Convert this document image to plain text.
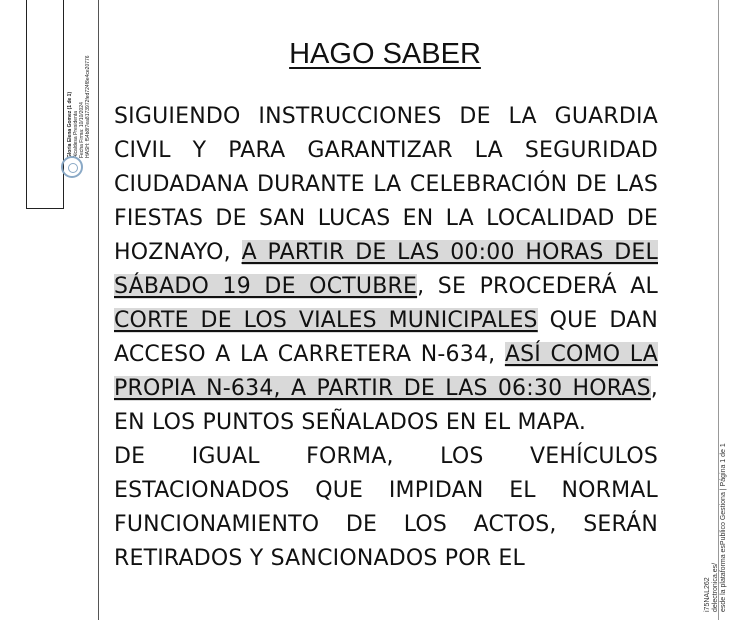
Gloria Elena Gomez (1 de 1) Alcaldesa Presidenta Fecha Firma: 10/10/2024 HASH: f54b8f7ea8173972fed724f8e4ce20776
i75NAL262 delectronica.es/ esde la plataforma esPublico Gestiona | Página 1 de 1
HAGO SABER

SIGUIENDO INSTRUCCIONES DE LA GUARDIA CIVIL Y PARA GARANTIZAR LA SEGURIDAD CIUDADANA DURANTE LA CELEBRACIÓN DE LAS FIESTAS DE SAN LUCAS EN LA LOCALIDAD DE HOZNAYO, A PARTIR DE LAS 00:00 HORAS DEL SÁBADO 19 DE OCTUBRE, SE PROCEDERÁ AL CORTE DE LOS VIALES MUNICIPALES QUE DAN ACCESO A LA CARRETERA N-634, ASÍ COMO LA PROPIA N-634, A PARTIR DE LAS 06:30 HORAS, EN LOS PUNTOS SEÑALADOS EN EL MAPA.

DE IGUAL FORMA, LOS VEHÍCULOS ESTACIONADOS QUE IMPIDAN EL NORMAL FUNCIONAMIENTO DE LOS ACTOS, SERÁN RETIRADOS Y SANCIONADOS POR EL
